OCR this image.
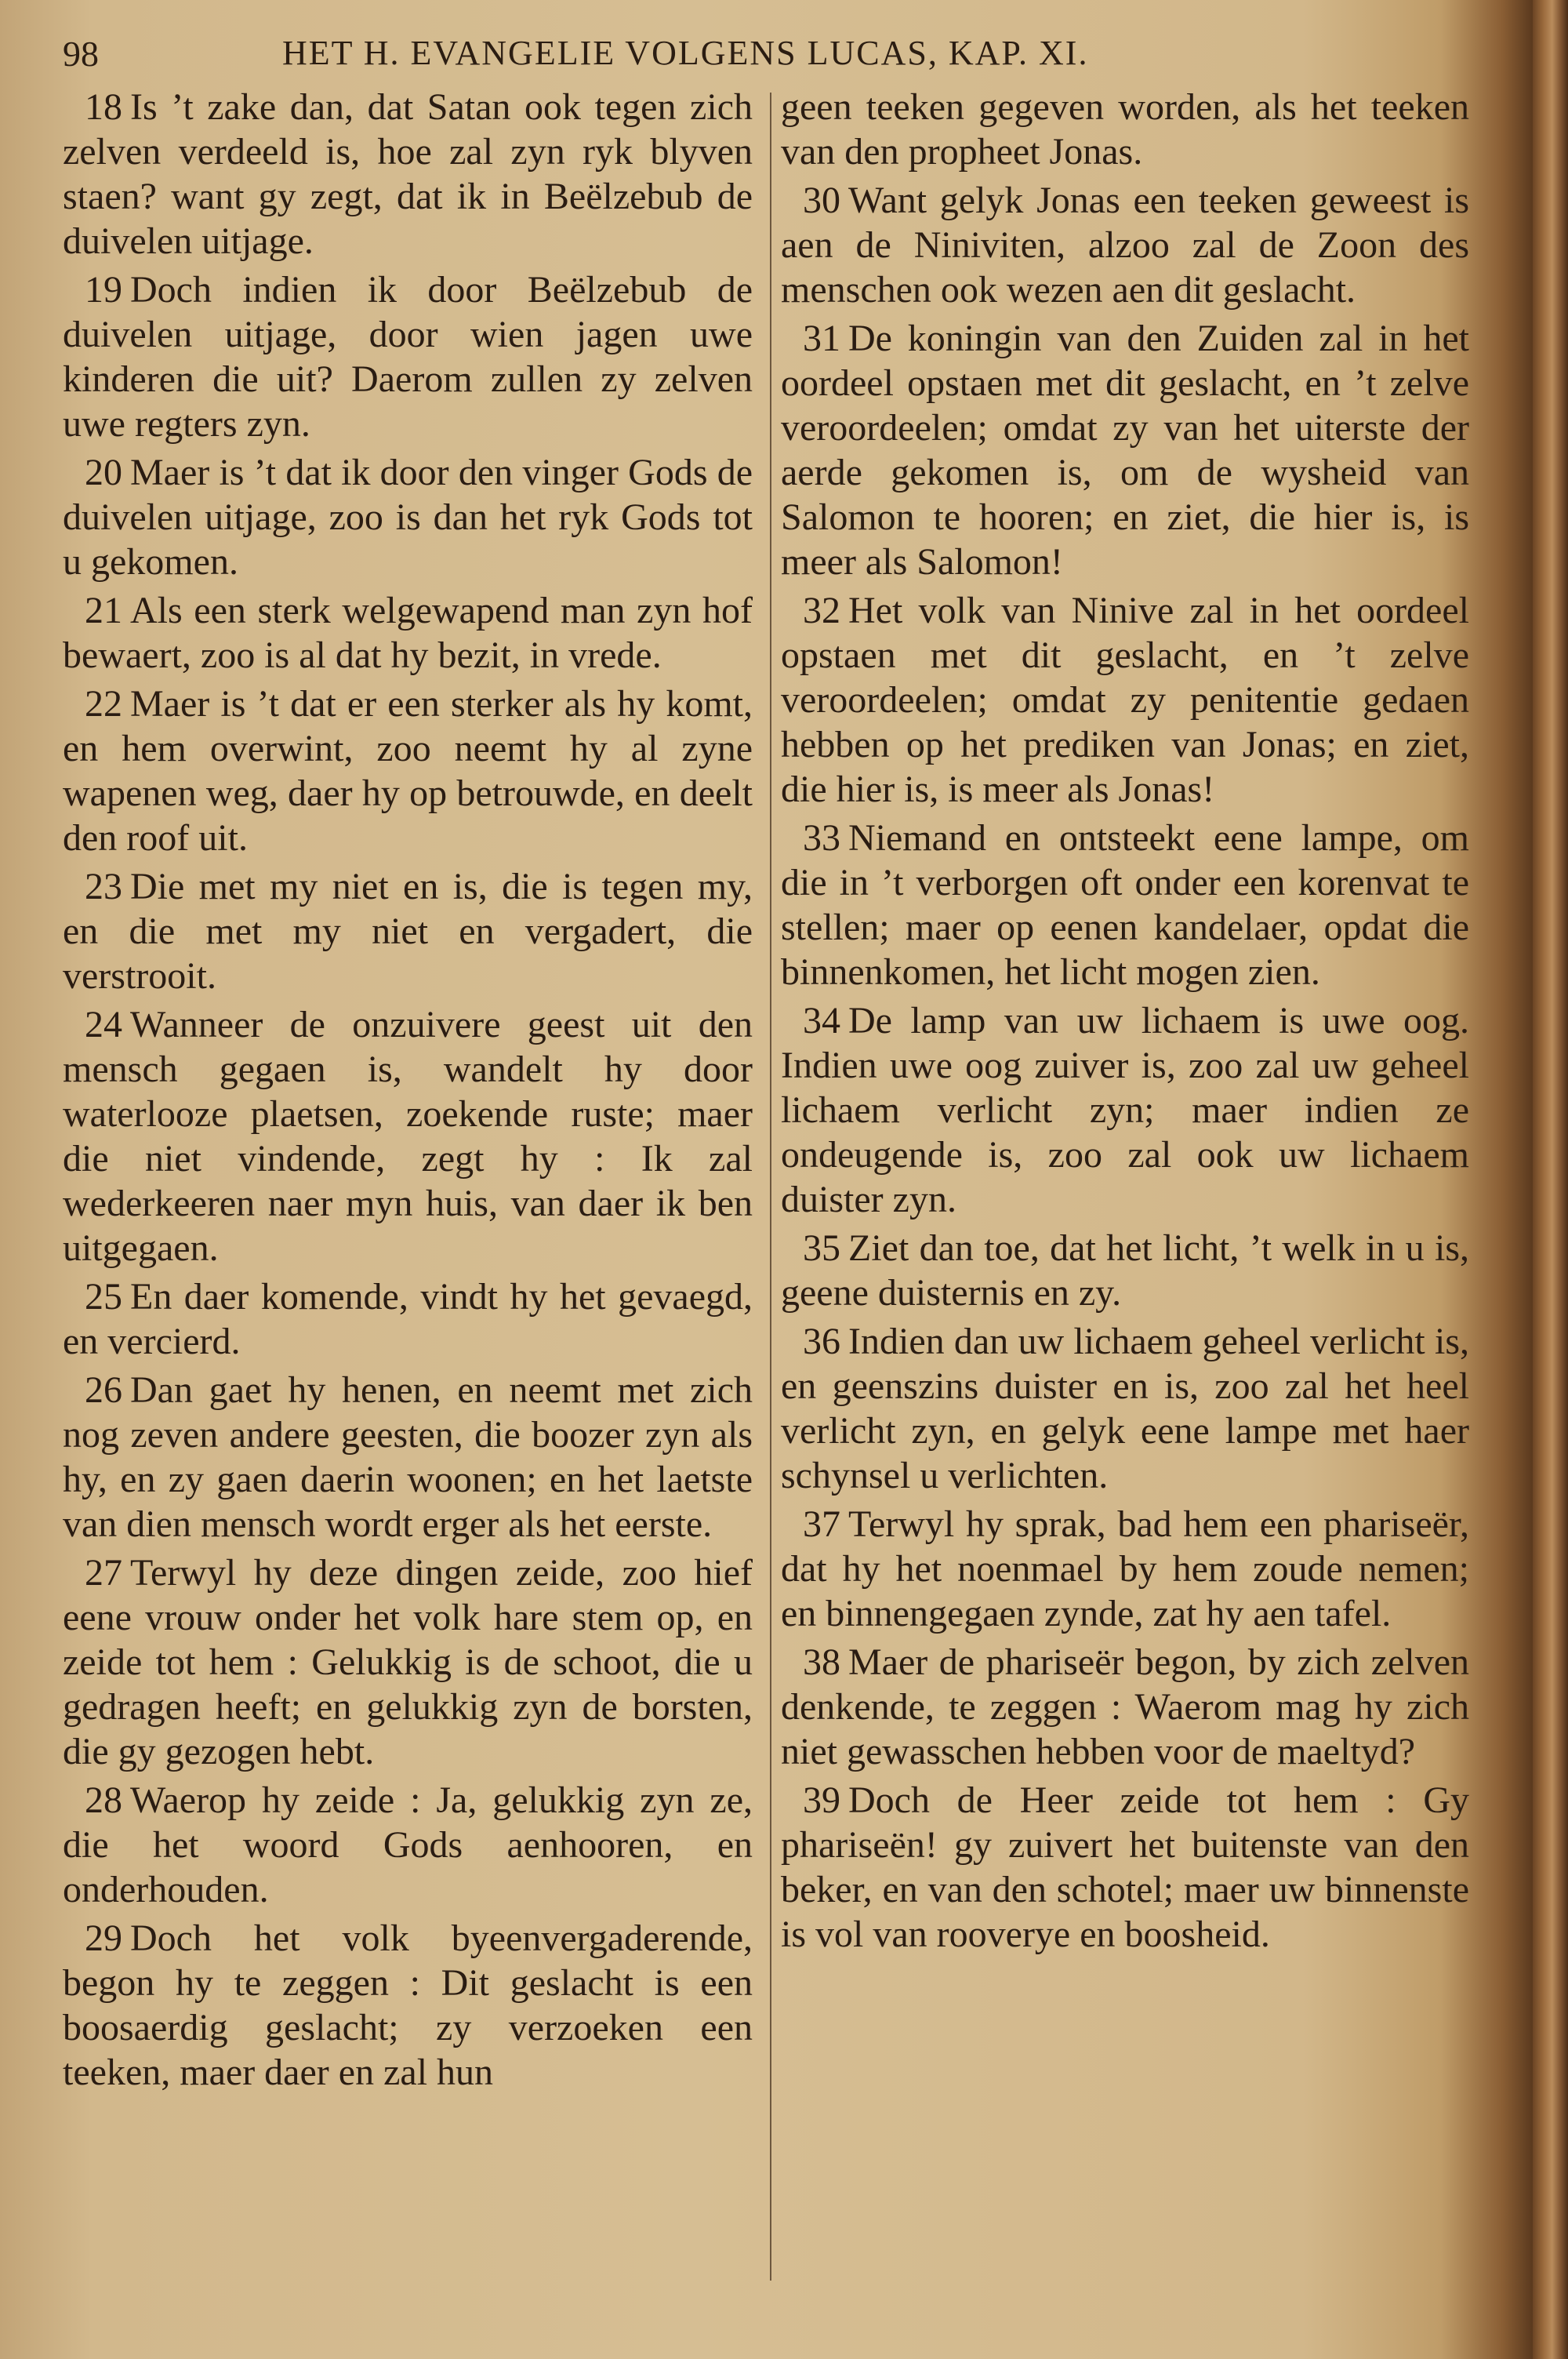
98	HET H. EVANGELIE VOLGENS LUCAS, KAP. XI.

18 Is ’t zake dan, dat Satan ook tegen zich zelven verdeeld is, hoe zal zyn ryk blyven staen? want gy zegt, dat ik in Beëlzebub de duivelen uitjage.

19 Doch indien ik door Beëlzebub de duivelen uitjage, door wien jagen uwe kinderen die uit? Daerom zullen zy zelven uwe regters zyn.

20 Maer is ’t dat ik door den vinger Gods de duivelen uitjage, zoo is dan het ryk Gods tot u gekomen.

21 Als een sterk welgewapend man zyn hof bewaert, zoo is al dat hy bezit, in vrede.

22 Maer is ’t dat er een sterker als hy komt, en hem overwint, zoo neemt hy al zyne wapenen weg, daer hy op betrouwde, en deelt den roof uit.

23 Die met my niet en is, die is tegen my, en die met my niet en vergadert, die verstrooit.

24 Wanneer de onzuivere geest uit den mensch gegaen is, wandelt hy door waterlooze plaetsen, zoekende ruste; maer die niet vindende, zegt hy : Ik zal wederkeeren naer myn huis, van daer ik ben uitgegaen.

25 En daer komende, vindt hy het gevaegd, en vercierd.

26 Dan gaet hy henen, en neemt met zich nog zeven andere geesten, die boozer zyn als hy, en zy gaen daerin woonen; en het laetste van dien mensch wordt erger als het eerste.

27 Terwyl hy deze dingen zeide, zoo hief eene vrouw onder het volk hare stem op, en zeide tot hem : Gelukkig is de schoot, die u gedragen heeft; en gelukkig zyn de borsten, die gy gezogen hebt.

28 Waerop hy zeide : Ja, gelukkig zyn ze, die het woord Gods aenhooren, en onderhouden.

29 Doch het volk byeenvergaderende, begon hy te zeggen : Dit geslacht is een boosaerdig geslacht; zy verzoeken een teeken, maer daer en zal hun

geen teeken gegeven worden, als het teeken van den propheet Jonas.

30 Want gelyk Jonas een teeken geweest is aen de Niniviten, alzoo zal de Zoon des menschen ook wezen aen dit geslacht.

31 De koningin van den Zuiden zal in het oordeel opstaen met dit geslacht, en ’t zelve veroordeelen; omdat zy van het uiterste der aerde gekomen is, om de wysheid van Salomon te hooren; en ziet, die hier is, is meer als Salomon!

32 Het volk van Ninive zal in het oordeel opstaen met dit geslacht, en ’t zelve veroordeelen; omdat zy penitentie gedaen hebben op het prediken van Jonas; en ziet, die hier is, is meer als Jonas!

33 Niemand en ontsteekt eene lampe, om die in ’t verborgen oft onder een korenvat te stellen; maer op eenen kandelaer, opdat die binnenkomen, het licht mogen zien.

34 De lamp van uw lichaem is uwe oog. Indien uwe oog zuiver is, zoo zal uw geheel lichaem verlicht zyn; maer indien ze ondeugende is, zoo zal ook uw lichaem duister zyn.

35 Ziet dan toe, dat het licht, ’t welk in u is, geene duisternis en zy.

36 Indien dan uw lichaem geheel verlicht is, en geenszins duister en is, zoo zal het heel verlicht zyn, en gelyk eene lampe met haer schynsel u verlichten.

37 Terwyl hy sprak, bad hem een phariseër, dat hy het noenmael by hem zoude nemen; en binnengegaen zynde, zat hy aen tafel.

38 Maer de phariseër begon, by zich zelven denkende, te zeggen : Waerom mag hy zich niet gewasschen hebben voor de maeltyd?

39 Doch de Heer zeide tot hem : Gy phariseën! gy zuivert het buitenste van den beker, en van den schotel; maer uw binnenste is vol van rooverye en boosheid.
